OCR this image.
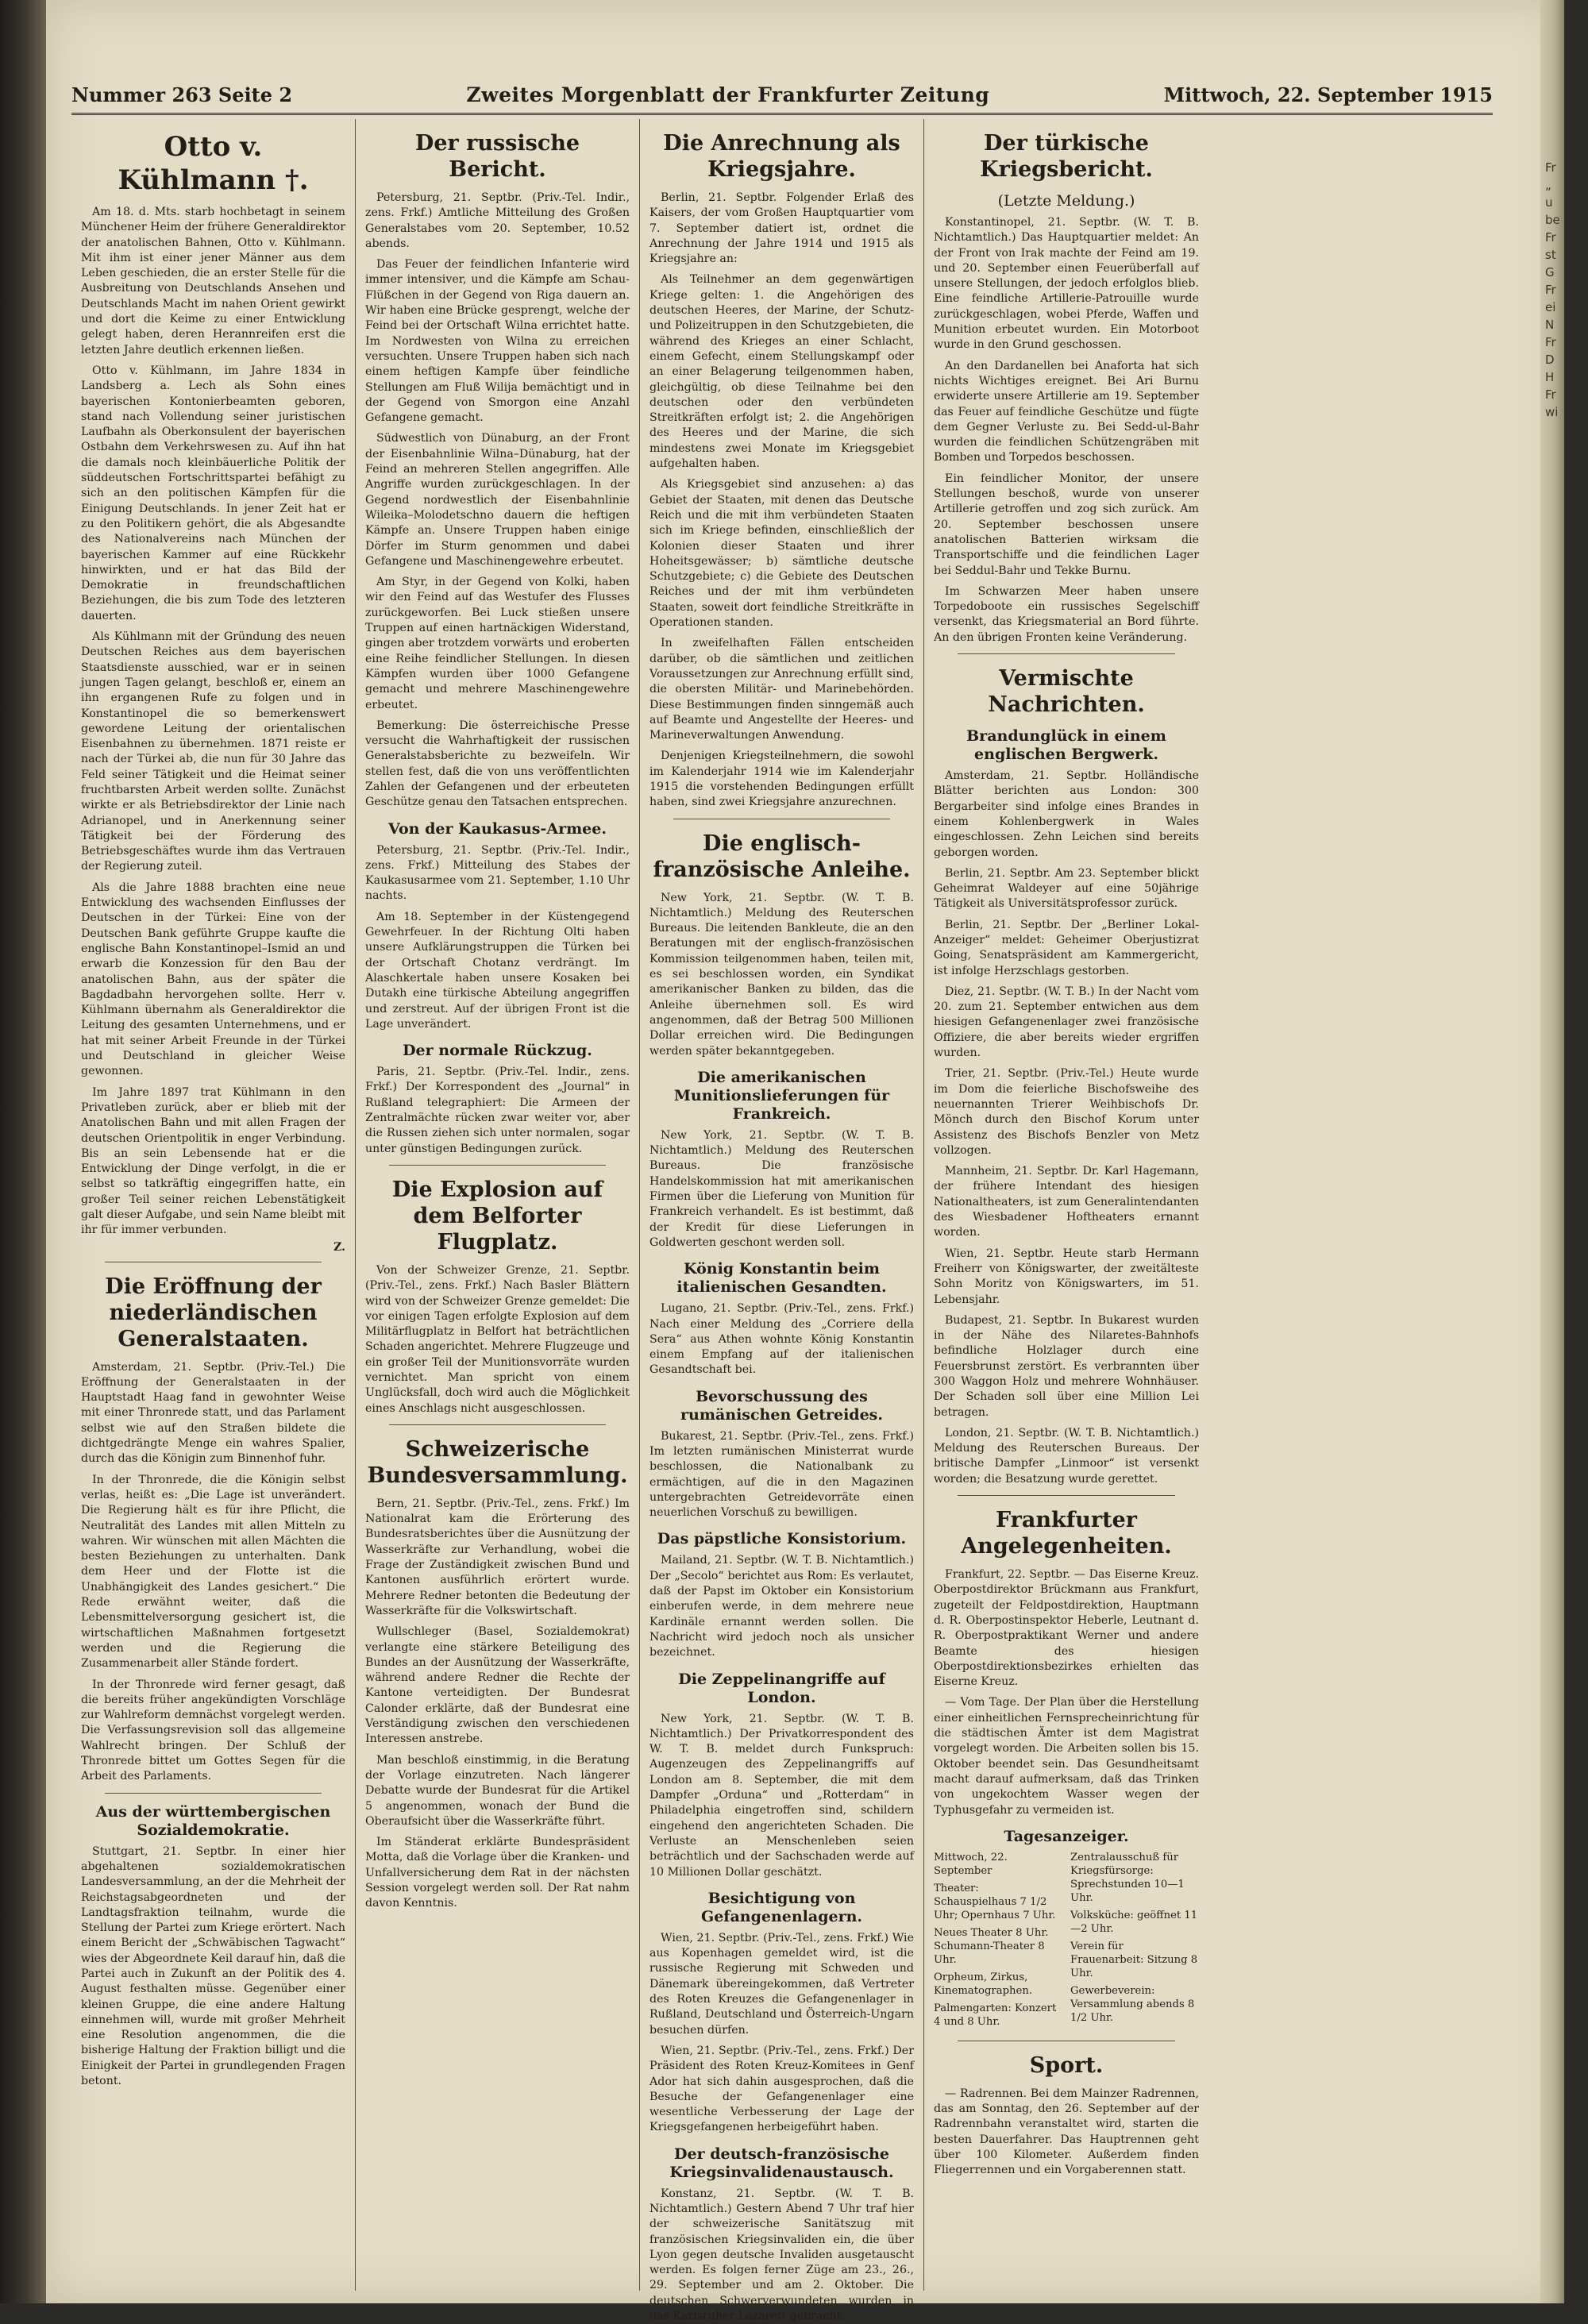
Fr
„
u
be
Fr
st
G
Fr
ei
N
Fr
D
H
Fr
wi
Nummer 263 Seite 2	Zweites Morgenblatt der Frankfurter Zeitung	Mittwoch, 22. September 1915
Otto v. Kühlmann †.

Am 18. d. Mts. starb hochbetagt in seinem Münchener Heim der frühere Generaldirektor der anatolischen Bahnen, Otto v. Kühlmann. Mit ihm ist einer jener Männer aus dem Leben geschieden, die an erster Stelle für die Ausbreitung von Deutschlands Ansehen und Deutschlands Macht im nahen Orient gewirkt und dort die Keime zu einer Entwicklung gelegt haben, deren Herannreifen erst die letzten Jahre deutlich erkennen ließen.

Otto v. Kühlmann, im Jahre 1834 in Landsberg a. Lech als Sohn eines bayerischen Kontonierbeamten geboren, stand nach Vollendung seiner juristischen Laufbahn als Oberkonsulent der bayerischen Ostbahn dem Verkehrswesen zu. Auf ihn hat die damals noch kleinbäuerliche Politik der süddeutschen Fortschrittspartei befähigt zu sich an den politischen Kämpfen für die Einigung Deutschlands. In jener Zeit hat er zu den Politikern gehört, die als Abgesandte des Nationalvereins nach München der bayerischen Kammer auf eine Rückkehr hinwirkten, und er hat das Bild der Demokratie in freundschaftlichen Beziehungen, die bis zum Tode des letzteren dauerten.

Als Kühlmann mit der Gründung des neuen Deutschen Reiches aus dem bayerischen Staatsdienste ausschied, war er in seinen jungen Tagen gelangt, beschloß er, einem an ihn ergangenen Rufe zu folgen und in Konstantinopel die so bemerkenswert gewordene Leitung der orientalischen Eisenbahnen zu übernehmen. 1871 reiste er nach der Türkei ab, die nun für 30 Jahre das Feld seiner Tätigkeit und die Heimat seiner fruchtbarsten Arbeit werden sollte. Zunächst wirkte er als Betriebsdirektor der Linie nach Adrianopel, und in Anerkennung seiner Tätigkeit bei der Förderung des Betriebsgeschäftes wurde ihm das Vertrauen der Regierung zuteil.

Als die Jahre 1888 brachten eine neue Entwicklung des wachsenden Einflusses der Deutschen in der Türkei: Eine von der Deutschen Bank geführte Gruppe kaufte die englische Bahn Konstantinopel–Ismid an und erwarb die Konzession für den Bau der anatolischen Bahn, aus der später die Bagdadbahn hervorgehen sollte. Herr v. Kühlmann übernahm als Generaldirektor die Leitung des gesamten Unternehmens, und er hat mit seiner Arbeit Freunde in der Türkei und Deutschland in gleicher Weise gewonnen.

Im Jahre 1897 trat Kühlmann in den Privatleben zurück, aber er blieb mit der Anatolischen Bahn und mit allen Fragen der deutschen Orientpolitik in enger Verbindung. Bis an sein Lebensende hat er die Entwicklung der Dinge verfolgt, in die er selbst so tatkräftig eingegriffen hatte, ein großer Teil seiner reichen Lebenstätigkeit galt dieser Aufgabe, und sein Name bleibt mit ihr für immer verbunden.

Z.
Die Eröffnung der niederländischen Generalstaaten.

Amsterdam, 21. Septbr. (Priv.-Tel.) Die Eröffnung der Generalstaaten in der Hauptstadt Haag fand in gewohnter Weise mit einer Thronrede statt, und das Parlament selbst wie auf den Straßen bildete die dichtgedrängte Menge ein wahres Spalier, durch das die Königin zum Binnenhof fuhr.

In der Thronrede, die die Königin selbst verlas, heißt es: „Die Lage ist unverändert. Die Regierung hält es für ihre Pflicht, die Neutralität des Landes mit allen Mitteln zu wahren. Wir wünschen mit allen Mächten die besten Beziehungen zu unterhalten. Dank dem Heer und der Flotte ist die Unabhängigkeit des Landes gesichert.“ Die Rede erwähnt weiter, daß die Lebensmittelversorgung gesichert ist, die wirtschaftlichen Maßnahmen fortgesetzt werden und die Regierung die Zusammenarbeit aller Stände fordert.

In der Thronrede wird ferner gesagt, daß die bereits früher angekündigten Vorschläge zur Wahlreform demnächst vorgelegt werden. Die Verfassungsrevision soll das allgemeine Wahlrecht bringen. Der Schluß der Thronrede bittet um Gottes Segen für die Arbeit des Parlaments.

Aus der württembergischen Sozialdemokratie.

Stuttgart, 21. Septbr. In einer hier abgehaltenen sozialdemokratischen Landesversammlung, an der die Mehrheit der Reichstagsabgeordneten und der Landtagsfraktion teilnahm, wurde die Stellung der Partei zum Kriege erörtert. Nach einem Bericht der „Schwäbischen Tagwacht“ wies der Abgeordnete Keil darauf hin, daß die Partei auch in Zukunft an der Politik des 4. August festhalten müsse. Gegenüber einer kleinen Gruppe, die eine andere Haltung einnehmen will, wurde mit großer Mehrheit eine Resolution angenommen, die die bisherige Haltung der Fraktion billigt und die Einigkeit der Partei in grundlegenden Fragen betont.

Der russische Bericht.

Petersburg, 21. Septbr. (Priv.-Tel. Indir., zens. Frkf.) Amtliche Mitteilung des Großen Generalstabes vom 20. September, 10.52 abends.

Das Feuer der feindlichen Infanterie wird immer intensiver, und die Kämpfe am Schau-Flüßchen in der Gegend von Riga dauern an. Wir haben eine Brücke gesprengt, welche der Feind bei der Ortschaft Wilna errichtet hatte. Im Nordwesten von Wilna zu erreichen versuchten. Unsere Truppen haben sich nach einem heftigen Kampfe über feindliche Stellungen am Fluß Wilija bemächtigt und in der Gegend von Smorgon eine Anzahl Gefangene gemacht.

Südwestlich von Dünaburg, an der Front der Eisenbahnlinie Wilna–Dünaburg, hat der Feind an mehreren Stellen angegriffen. Alle Angriffe wurden zurückgeschlagen. In der Gegend nordwestlich der Eisenbahnlinie Wileika–Molodetschno dauern die heftigen Kämpfe an. Unsere Truppen haben einige Dörfer im Sturm genommen und dabei Gefangene und Maschinengewehre erbeutet.

Am Styr, in der Gegend von Kolki, haben wir den Feind auf das Westufer des Flusses zurückgeworfen. Bei Luck stießen unsere Truppen auf einen hartnäckigen Widerstand, gingen aber trotzdem vorwärts und eroberten eine Reihe feindlicher Stellungen. In diesen Kämpfen wurden über 1000 Gefangene gemacht und mehrere Maschinengewehre erbeutet.

Bemerkung: Die österreichische Presse versucht die Wahrhaftigkeit der russischen Generalstabsberichte zu bezweifeln. Wir stellen fest, daß die von uns veröffentlichten Zahlen der Gefangenen und der erbeuteten Geschütze genau den Tatsachen entsprechen.

Von der Kaukasus-Armee.

Petersburg, 21. Septbr. (Priv.-Tel. Indir., zens. Frkf.) Mitteilung des Stabes der Kaukasusarmee vom 21. September, 1.10 Uhr nachts.

Am 18. September in der Küstengegend Gewehrfeuer. In der Richtung Olti haben unsere Aufklärungstruppen die Türken bei der Ortschaft Chotanz verdrängt. Im Alaschkertale haben unsere Kosaken bei Dutakh eine türkische Abteilung angegriffen und zerstreut. Auf der übrigen Front ist die Lage unverändert.

Der normale Rückzug.

Paris, 21. Septbr. (Priv.-Tel. Indir., zens. Frkf.) Der Korrespondent des „Journal“ in Rußland telegraphiert: Die Armeen der Zentralmächte rücken zwar weiter vor, aber die Russen ziehen sich unter normalen, sogar unter günstigen Bedingungen zurück.

Die Explosion auf dem Belforter Flugplatz.

Von der Schweizer Grenze, 21. Septbr. (Priv.-Tel., zens. Frkf.) Nach Basler Blättern wird von der Schweizer Grenze gemeldet: Die vor einigen Tagen erfolgte Explosion auf dem Militärflugplatz in Belfort hat beträchtlichen Schaden angerichtet. Mehrere Flugzeuge und ein großer Teil der Munitionsvorräte wurden vernichtet. Man spricht von einem Unglücksfall, doch wird auch die Möglichkeit eines Anschlags nicht ausgeschlossen.

Schweizerische Bundesversammlung.

Bern, 21. Septbr. (Priv.-Tel., zens. Frkf.) Im Nationalrat kam die Erörterung des Bundesratsberichtes über die Ausnützung der Wasserkräfte zur Verhandlung, wobei die Frage der Zuständigkeit zwischen Bund und Kantonen ausführlich erörtert wurde. Mehrere Redner betonten die Bedeutung der Wasserkräfte für die Volkswirtschaft.

Wullschleger (Basel, Sozialdemokrat) verlangte eine stärkere Beteiligung des Bundes an der Ausnützung der Wasserkräfte, während andere Redner die Rechte der Kantone verteidigten. Der Bundesrat Calonder erklärte, daß der Bundesrat eine Verständigung zwischen den verschiedenen Interessen anstrebe.

Man beschloß einstimmig, in die Beratung der Vorlage einzutreten. Nach längerer Debatte wurde der Bundesrat für die Artikel 5 angenommen, wonach der Bund die Oberaufsicht über die Wasserkräfte führt.

Im Ständerat erklärte Bundespräsident Motta, daß die Vorlage über die Kranken- und Unfallversicherung dem Rat in der nächsten Session vorgelegt werden soll. Der Rat nahm davon Kenntnis.

Die Anrechnung als Kriegsjahre.

Berlin, 21. Septbr. Folgender Erlaß des Kaisers, der vom Großen Hauptquartier vom 7. September datiert ist, ordnet die Anrechnung der Jahre 1914 und 1915 als Kriegsjahre an:

Als Teilnehmer an dem gegenwärtigen Kriege gelten: 1. die Angehörigen des deutschen Heeres, der Marine, der Schutz- und Polizeitruppen in den Schutzgebieten, die während des Krieges an einer Schlacht, einem Gefecht, einem Stellungskampf oder an einer Belagerung teilgenommen haben, gleichgültig, ob diese Teilnahme bei den deutschen oder den verbündeten Streitkräften erfolgt ist; 2. die Angehörigen des Heeres und der Marine, die sich mindestens zwei Monate im Kriegsgebiet aufgehalten haben.

Als Kriegsgebiet sind anzusehen: a) das Gebiet der Staaten, mit denen das Deutsche Reich und die mit ihm verbündeten Staaten sich im Kriege befinden, einschließlich der Kolonien dieser Staaten und ihrer Hoheitsgewässer; b) sämtliche deutsche Schutzgebiete; c) die Gebiete des Deutschen Reiches und der mit ihm verbündeten Staaten, soweit dort feindliche Streitkräfte in Operationen standen.

In zweifelhaften Fällen entscheiden darüber, ob die sämtlichen und zeitlichen Voraussetzungen zur Anrechnung erfüllt sind, die obersten Militär- und Marinebehörden. Diese Bestimmungen finden sinngemäß auch auf Beamte und Angestellte der Heeres- und Marineverwaltungen Anwendung.

Denjenigen Kriegsteilnehmern, die sowohl im Kalenderjahr 1914 wie im Kalenderjahr 1915 die vorstehenden Bedingungen erfüllt haben, sind zwei Kriegsjahre anzurechnen.

Die englisch-französische Anleihe.

New York, 21. Septbr. (W. T. B. Nichtamtlich.) Meldung des Reuterschen Bureaus. Die leitenden Bankleute, die an den Beratungen mit der englisch-französischen Kommission teilgenommen haben, teilen mit, es sei beschlossen worden, ein Syndikat amerikanischer Banken zu bilden, das die Anleihe übernehmen soll. Es wird angenommen, daß der Betrag 500 Millionen Dollar erreichen wird. Die Bedingungen werden später bekanntgegeben.

Die amerikanischen Munitionslieferungen für Frankreich.

New York, 21. Septbr. (W. T. B. Nichtamtlich.) Meldung des Reuterschen Bureaus. Die französische Handelskommission hat mit amerikanischen Firmen über die Lieferung von Munition für Frankreich verhandelt. Es ist bestimmt, daß der Kredit für diese Lieferungen in Goldwerten geschont werden soll.

König Konstantin beim italienischen Gesandten.

Lugano, 21. Septbr. (Priv.-Tel., zens. Frkf.) Nach einer Meldung des „Corriere della Sera“ aus Athen wohnte König Konstantin einem Empfang auf der italienischen Gesandtschaft bei.

Bevorschussung des rumänischen Getreides.

Bukarest, 21. Septbr. (Priv.-Tel., zens. Frkf.) Im letzten rumänischen Ministerrat wurde beschlossen, die Nationalbank zu ermächtigen, auf die in den Magazinen untergebrachten Getreidevorräte einen neuerlichen Vorschuß zu bewilligen.

Das päpstliche Konsistorium.

Mailand, 21. Septbr. (W. T. B. Nichtamtlich.) Der „Secolo“ berichtet aus Rom: Es verlautet, daß der Papst im Oktober ein Konsistorium einberufen werde, in dem mehrere neue Kardinäle ernannt werden sollen. Die Nachricht wird jedoch noch als unsicher bezeichnet.

Die Zeppelinangriffe auf London.

New York, 21. Septbr. (W. T. B. Nichtamtlich.) Der Privatkorrespondent des W. T. B. meldet durch Funkspruch: Augenzeugen des Zeppelinangriffs auf London am 8. September, die mit dem Dampfer „Orduna“ und „Rotterdam“ in Philadelphia eingetroffen sind, schildern eingehend den angerichteten Schaden. Die Verluste an Menschenleben seien beträchtlich und der Sachschaden werde auf 10 Millionen Dollar geschätzt.

Besichtigung von Gefangenenlagern.

Wien, 21. Septbr. (Priv.-Tel., zens. Frkf.) Wie aus Kopenhagen gemeldet wird, ist die russische Regierung mit Schweden und Dänemark übereingekommen, daß Vertreter des Roten Kreuzes die Gefangenenlager in Rußland, Deutschland und Österreich-Ungarn besuchen dürfen.

Wien, 21. Septbr. (Priv.-Tel., zens. Frkf.) Der Präsident des Roten Kreuz-Komitees in Genf Ador hat sich dahin ausgesprochen, daß die Besuche der Gefangenenlager eine wesentliche Verbesserung der Lage der Kriegsgefangenen herbeigeführt haben.

Der deutsch-französische Kriegsinvalidenaustausch.

Konstanz, 21. Septbr. (W. T. B. Nichtamtlich.) Gestern Abend 7 Uhr traf hier der schweizerische Sanitätszug mit französischen Kriegsinvaliden ein, die über Lyon gegen deutsche Invaliden ausgetauscht werden. Es folgen ferner Züge am 23., 26., 29. September und am 2. Oktober. Die deutschen Schwerverwundeten wurden in das Karlsruher Lazarett gebracht.

Der türkische Kriegsbericht.
(Letzte Meldung.)

Konstantinopel, 21. Septbr. (W. T. B. Nichtamtlich.) Das Hauptquartier meldet: An der Front von Irak machte der Feind am 19. und 20. September einen Feuerüberfall auf unsere Stellungen, der jedoch erfolglos blieb. Eine feindliche Artillerie-Patrouille wurde zurückgeschlagen, wobei Pferde, Waffen und Munition erbeutet wurden. Ein Motorboot wurde in den Grund geschossen.

An den Dardanellen bei Anaforta hat sich nichts Wichtiges ereignet. Bei Ari Burnu erwiderte unsere Artillerie am 19. September das Feuer auf feindliche Geschütze und fügte dem Gegner Verluste zu. Bei Sedd-ul-Bahr wurden die feindlichen Schützengräben mit Bomben und Torpedos beschossen.

Ein feindlicher Monitor, der unsere Stellungen beschoß, wurde von unserer Artillerie getroffen und zog sich zurück. Am 20. September beschossen unsere anatolischen Batterien wirksam die Transportschiffe und die feindlichen Lager bei Seddul-Bahr und Tekke Burnu.

Im Schwarzen Meer haben unsere Torpedoboote ein russisches Segelschiff versenkt, das Kriegsmaterial an Bord führte. An den übrigen Fronten keine Veränderung.

Vermischte Nachrichten.
Brandunglück in einem englischen Bergwerk.

Amsterdam, 21. Septbr. Holländische Blätter berichten aus London: 300 Bergarbeiter sind infolge eines Brandes in einem Kohlenbergwerk in Wales eingeschlossen. Zehn Leichen sind bereits geborgen worden.

Berlin, 21. Septbr. Am 23. September blickt Geheimrat Waldeyer auf eine 50jährige Tätigkeit als Universitätsprofessor zurück.

Berlin, 21. Septbr. Der „Berliner Lokal-Anzeiger“ meldet: Geheimer Oberjustizrat Going, Senatspräsident am Kammergericht, ist infolge Herzschlags gestorben.

Diez, 21. Septbr. (W. T. B.) In der Nacht vom 20. zum 21. September entwichen aus dem hiesigen Gefangenenlager zwei französische Offiziere, die aber bereits wieder ergriffen wurden.

Trier, 21. Septbr. (Priv.-Tel.) Heute wurde im Dom die feierliche Bischofsweihe des neuernannten Trierer Weihbischofs Dr. Mönch durch den Bischof Korum unter Assistenz des Bischofs Benzler von Metz vollzogen.

Mannheim, 21. Septbr. Dr. Karl Hagemann, der frühere Intendant des hiesigen Nationaltheaters, ist zum Generalintendanten des Wiesbadener Hoftheaters ernannt worden.

Wien, 21. Septbr. Heute starb Hermann Freiherr von Königswarter, der zweitälteste Sohn Moritz von Königswarters, im 51. Lebensjahr.

Budapest, 21. Septbr. In Bukarest wurden in der Nähe des Nilaretes-Bahnhofs befindliche Holzlager durch eine Feuersbrunst zerstört. Es verbrannten über 300 Waggon Holz und mehrere Wohnhäuser. Der Schaden soll über eine Million Lei betragen.

London, 21. Septbr. (W. T. B. Nichtamtlich.) Meldung des Reuterschen Bureaus. Der britische Dampfer „Linmoor“ ist versenkt worden; die Besatzung wurde gerettet.

Frankfurter Angelegenheiten.

Frankfurt, 22. Septbr. — Das Eiserne Kreuz. Oberpostdirektor Brückmann aus Frankfurt, zugeteilt der Feldpostdirektion, Hauptmann d. R. Oberpostinspektor Heberle, Leutnant d. R. Oberpostpraktikant Werner und andere Beamte des hiesigen Oberpostdirektionsbezirkes erhielten das Eiserne Kreuz.

— Vom Tage. Der Plan über die Herstellung einer einheitlichen Fernsprecheinrichtung für die städtischen Ämter ist dem Magistrat vorgelegt worden. Die Arbeiten sollen bis 15. Oktober beendet sein. Das Gesundheitsamt macht darauf aufmerksam, daß das Trinken von ungekochtem Wasser wegen der Typhusgefahr zu vermeiden ist.

Tagesanzeiger.

Mittwoch, 22. September

Theater: Schauspielhaus 7 1/2 Uhr; Opernhaus 7 Uhr.

Neues Theater 8 Uhr. Schumann-Theater 8 Uhr.

Orpheum, Zirkus, Kinematographen.

Palmengarten: Konzert 4 und 8 Uhr.

Zentralausschuß für Kriegsfürsorge: Sprechstunden 10—1 Uhr.

Volksküche: geöffnet 11—2 Uhr.

Verein für Frauenarbeit: Sitzung 8 Uhr.

Gewerbeverein: Versammlung abends 8 1/2 Uhr.

Sport.

— Radrennen. Bei dem Mainzer Radrennen, das am Sonntag, den 26. September auf der Radrennbahn veranstaltet wird, starten die besten Dauerfahrer. Das Hauptrennen geht über 100 Kilometer. Außerdem finden Fliegerrennen und ein Vorgaberennen statt.
